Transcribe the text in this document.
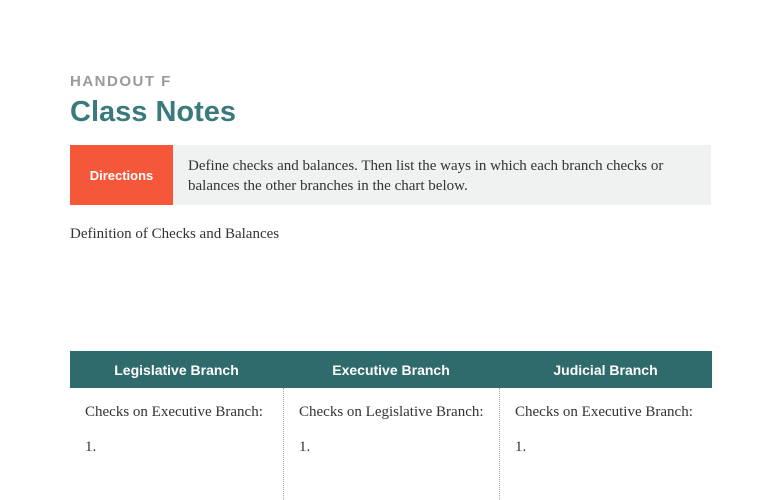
HANDOUT F
Class Notes
Directions
Define checks and balances. Then list the ways in which each branch checks or balances the other branches in the chart below.
Definition of Checks and Balances
Legislative Branch	Executive Branch	Judicial Branch
Checks on Executive Branch:
1.
Checks on Legislative Branch:
1.
Checks on Executive Branch:
1.
